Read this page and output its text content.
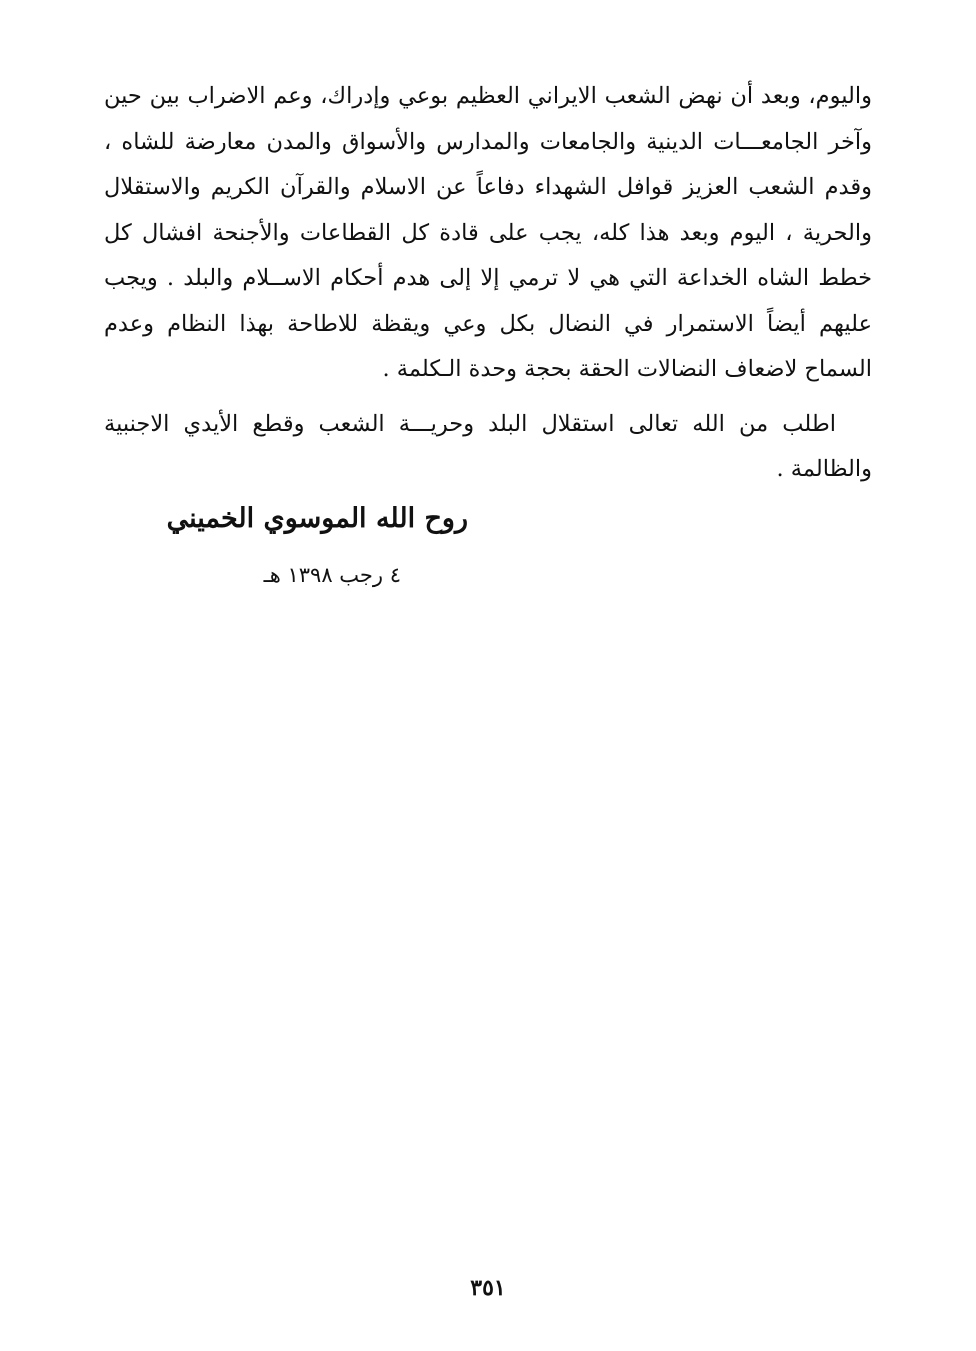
واليوم، وبعد أن نهض الشعب الايراني العظيم بوعي وإدراك، وعم الاضراب بين حين وآخر الجامعـــات الدينية والجامعات والمدارس والأسواق والمدن معارضة للشاه ، وقدم الشعب العزيز قوافل الشهداء دفاعاً عن الاسلام والقرآن الكريم والاستقلال والحرية ، اليوم وبعد هذا كله، يجب على قادة كل القطاعات والأجنحة افشال كل خطط الشاه الخداعة التي هي لا ترمي إلا إلى هدم أحكام الاســلام والبلد . ويجب عليهم أيضاً الاستمرار في النضال بكل وعي ويقظة للاطاحة بهذا النظام وعدم السماح لاضعاف النضالات الحقة بحجة وحدة الـكلمة .

اطلب من الله تعالى استقلال البلد وحريـــة الشعب وقطع الأيدي الاجنبية والظالمة .

روح الله الموسوي الخميني
٤ رجب ١٣٩٨ هـ
٣٥١
